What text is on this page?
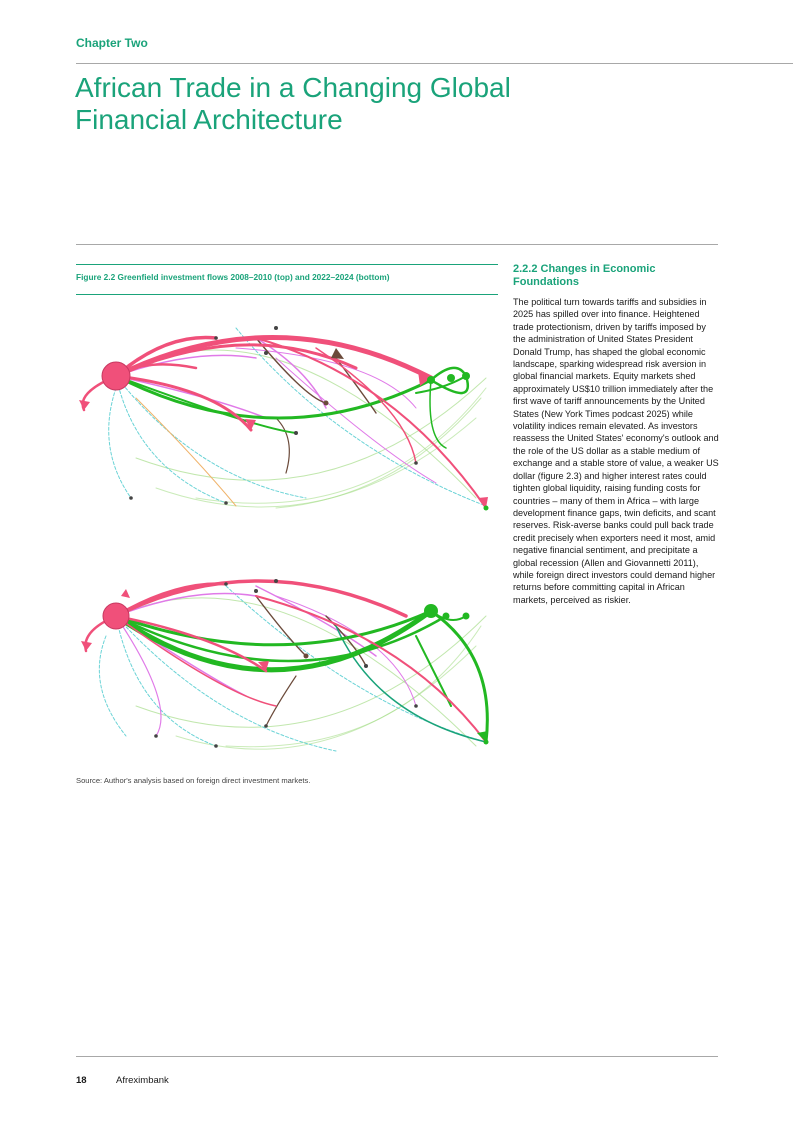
Chapter Two
African Trade in a Changing Global Financial Architecture
Figure 2.2 Greenfield investment flows 2008–2010 (top) and 2022–2024 (bottom)
Source: Author's analysis based on foreign direct investment markets.
2.2.2 Changes in Economic Foundations

The political turn towards tariffs and subsidies in 2025 has spilled over into finance. Heightened trade protectionism, driven by tariffs imposed by the administration of United States President Donald Trump, has shaped the global economic landscape, sparking widespread risk aversion in global financial markets. Equity markets shed approximately US$10 trillion immediately after the first wave of tariff announcements by the United States (New York Times podcast 2025) while volatility indices remain elevated. As investors reassess the United States' economy's outlook and the role of the US dollar as a stable medium of exchange and a stable store of value, a weaker US dollar (figure 2.3) and higher interest rates could tighten global liquidity, raising funding costs for countries – many of them in Africa – with large development finance gaps, twin deficits, and scant reserves. Risk-averse banks could pull back trade credit precisely when exporters need it most, amid negative financial sentiment, and precipitate a global recession (Allen and Giovannetti 2011), while foreign direct investors could demand higher returns before committing capital in African markets, perceived as riskier.

18	Afreximbank
